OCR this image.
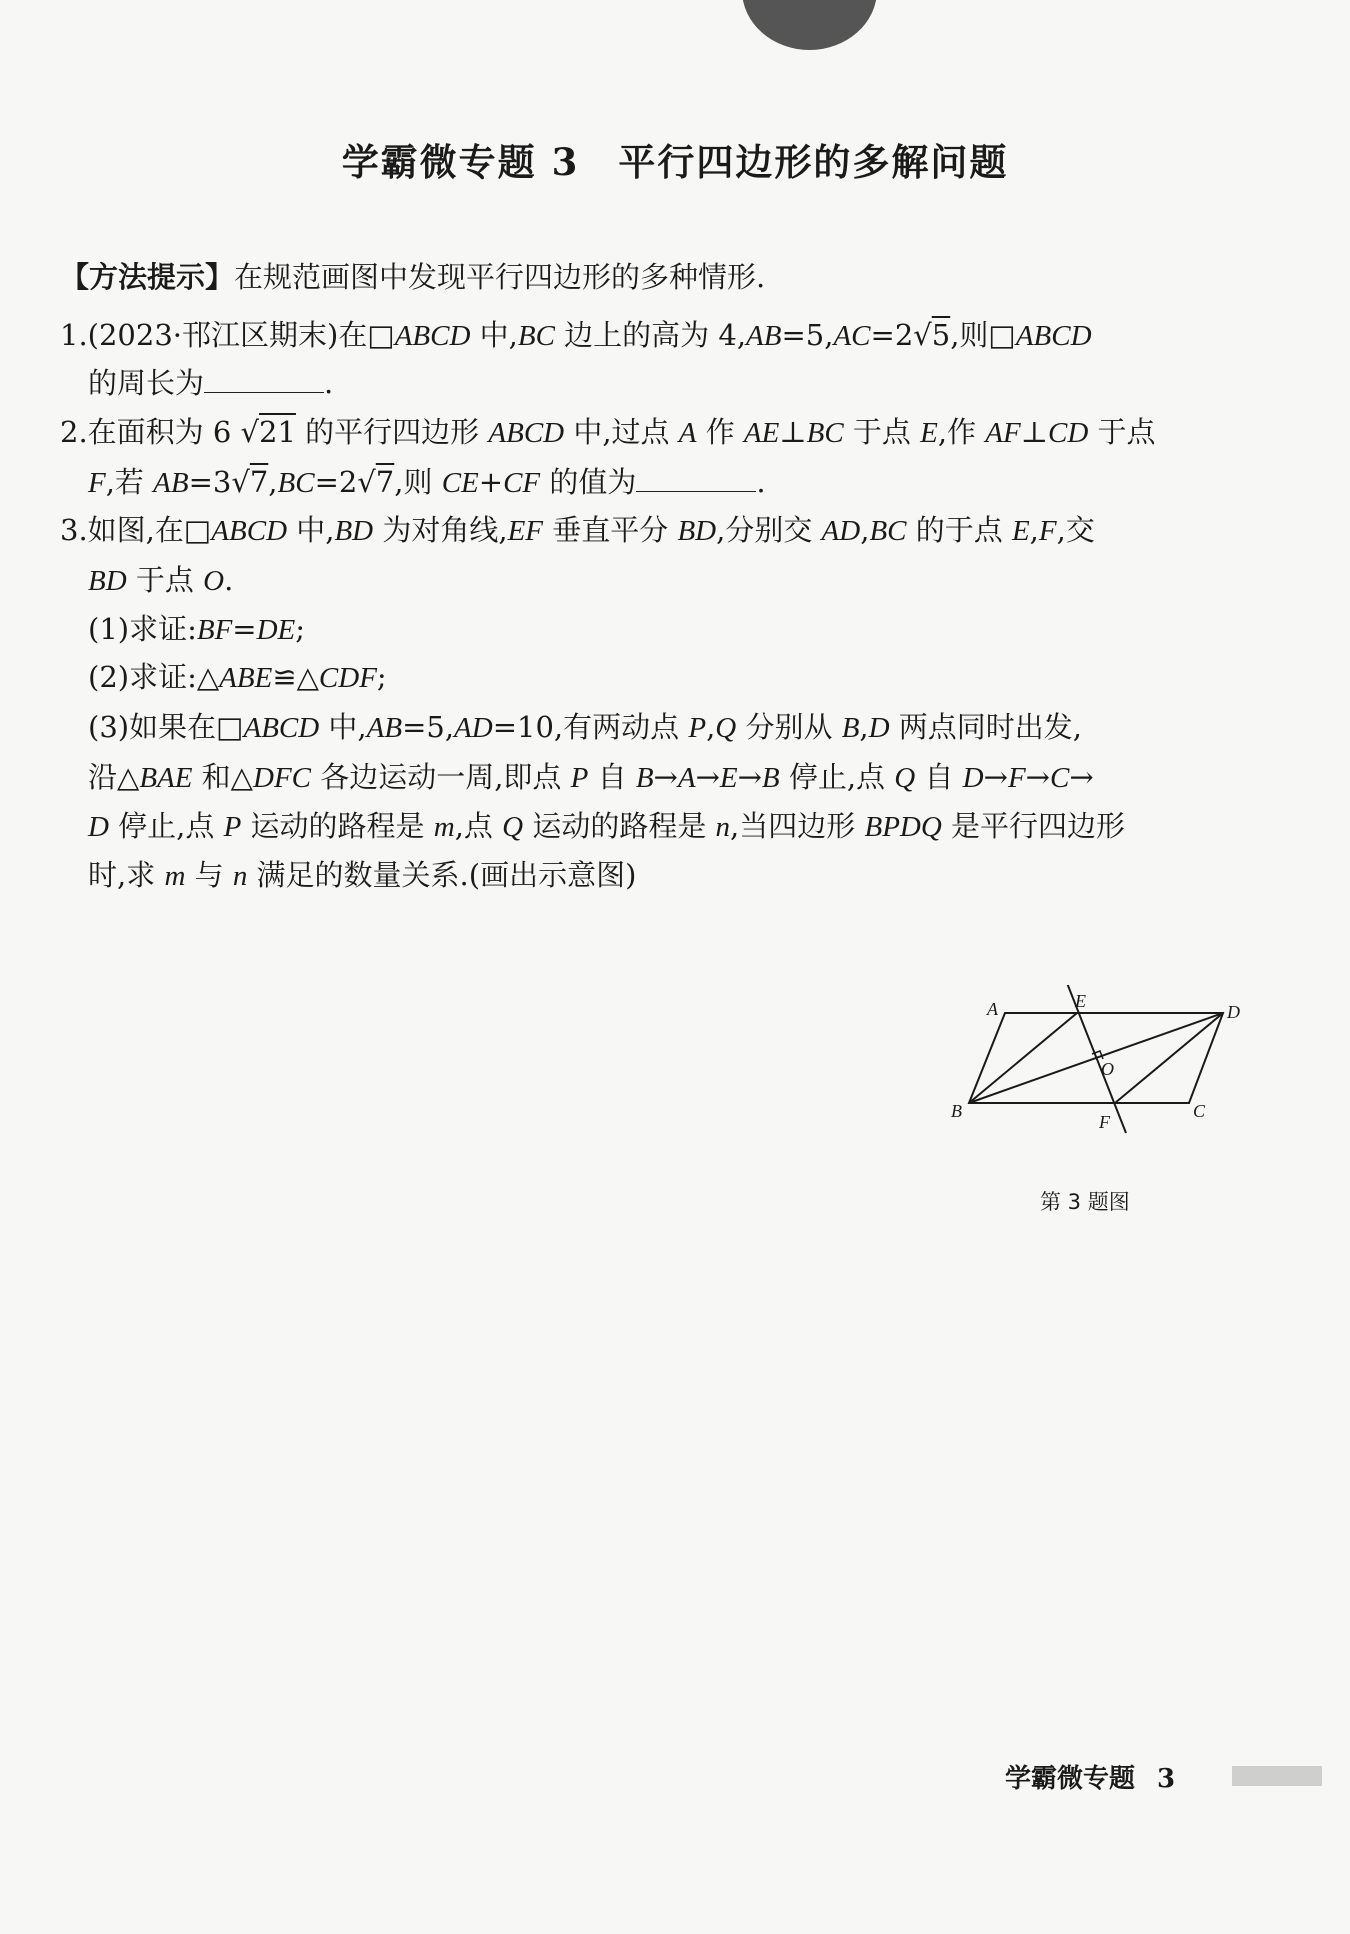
学霸微专题 3　平行四边形的多解问题
【方法提示】在规范画图中发现平行四边形的多种情形.
1.(2023·邗江区期末)在□ABCD 中,BC 边上的高为 4,AB=5,AC=2√5,则□ABCD
的周长为	.
2.在面积为 6 √21 的平行四边形 ABCD 中,过点 A 作 AE⊥BC 于点 E,作 AF⊥CD 于点
F,若 AB=3√7,BC=2√7,则 CE+CF 的值为	.
3.如图,在□ABCD 中,BD 为对角线,EF 垂直平分 BD,分别交 AD,BC 的于点 E,F,交
BD 于点 O.
(1)求证:BF=DE;
(2)求证:△ABE≌△CDF;
(3)如果在□ABCD 中,AB=5,AD=10,有两动点 P,Q 分别从 B,D 两点同时出发,
沿△BAE 和△DFC 各边运动一周,即点 P 自 B→A→E→B 停止,点 Q 自 D→F→C→
D 停止,点 P 运动的路程是 m,点 Q 运动的路程是 n,当四边形 BPDQ 是平行四边形
时,求 m 与 n 满足的数量关系.(画出示意图)
A	E
D
O
B
F
C
第 3 题图
学霸微专题 3
